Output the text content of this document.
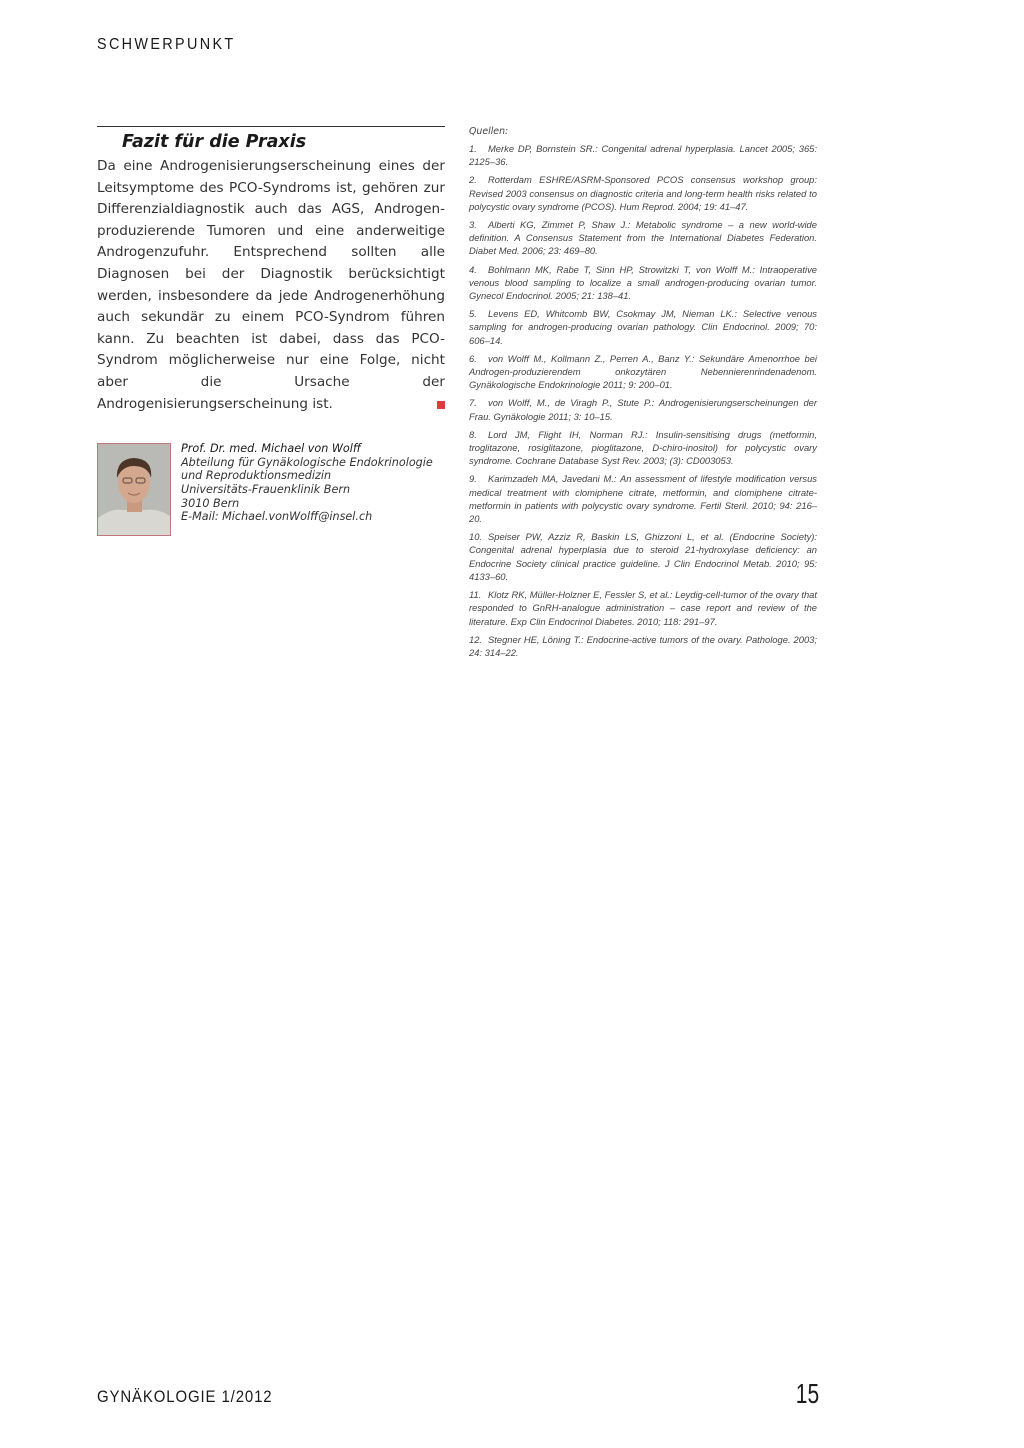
SCHWERPUNKT
Fazit für die Praxis

Da eine Androgenisierungserscheinung eines der Leitsymptome des PCO-Syndroms ist, gehören zur Differenzialdiagnostik auch das AGS, Androgen-produzierende Tumoren und eine anderweitige Androgenzufuhr. Entsprechend sollten alle Diagnosen bei der Diagnostik berücksichtigt werden, insbesondere da jede Androgenerhöhung auch sekundär zu einem PCO-Syndrom führen kann. Zu beachten ist dabei, dass das PCO-Syndrom möglicherweise nur eine Folge, nicht aber die Ursache der Androgenisierungserscheinung ist.

Prof. Dr. med. Michael von Wolff
Abteilung für Gynäkologische Endokrinologie
und Reproduktionsmedizin
Universitäts-Frauenklinik Bern
3010 Bern
E-Mail: Michael.vonWolff@insel.ch

Quellen:

1. Merke DP, Bornstein SR.: Congenital adrenal hyperplasia. Lancet 2005; 365: 2125–36.

2. Rotterdam ESHRE/ASRM-Sponsored PCOS consensus workshop group: Revised 2003 consensus on diagnostic criteria and long-term health risks related to polycystic ovary syndrome (PCOS). Hum Reprod. 2004; 19: 41–47.

3. Alberti KG, Zimmet P, Shaw J.: Metabolic syndrome – a new world-wide definition. A Consensus Statement from the International Diabetes Federation. Diabet Med. 2006; 23: 469–80.

4. Bohlmann MK, Rabe T, Sinn HP, Strowitzki T, von Wolff M.: Intraoperative venous blood sampling to localize a small androgen-producing ovarian tumor. Gynecol Endocrinol. 2005; 21: 138–41.

5. Levens ED, Whitcomb BW, Csokmay JM, Nieman LK.: Selective venous sampling for androgen-producing ovarian pathology. Clin Endocrinol. 2009; 70: 606–14.

6. von Wolff M., Kollmann Z., Perren A., Banz Y.: Sekundäre Amenorrhoe bei Androgen-produzierendem onkozytären Nebennierenrindenadenom. Gynäkologische Endokrinologie 2011; 9: 200–01.

7. von Wolff, M., de Viragh P., Stute P.: Androgenisierungserscheinungen der Frau. Gynäkologie 2011; 3: 10–15.

8. Lord JM, Flight IH, Norman RJ.: Insulin-sensitising drugs (metformin, troglitazone, rosiglitazone, pioglitazone, D-chiro-inositol) for polycystic ovary syndrome. Cochrane Database Syst Rev. 2003; (3): CD003053.

9. Karimzadeh MA, Javedani M.: An assessment of lifestyle modification versus medical treatment with clomiphene citrate, metformin, and clomiphene citrate-metformin in patients with polycystic ovary syndrome. Fertil Steril. 2010; 94: 216–20.

10. Speiser PW, Azziz R, Baskin LS, Ghizzoni L, et al. (Endocrine Society): Congenital adrenal hyperplasia due to steroid 21-hydroxylase deficiency: an Endocrine Society clinical practice guideline. J Clin Endocrinol Metab. 2010; 95: 4133–60.

11. Klotz RK, Müller-Holzner E, Fessler S, et al.: Leydig-cell-tumor of the ovary that responded to GnRH-analogue administration – case report and review of the literature. Exp Clin Endocrinol Diabetes. 2010; 118: 291–97.

12. Stegner HE, Löning T.: Endocrine-active tumors of the ovary. Pathologe. 2003; 24: 314–22.

GYNÄKOLOGIE 1/2012	15
